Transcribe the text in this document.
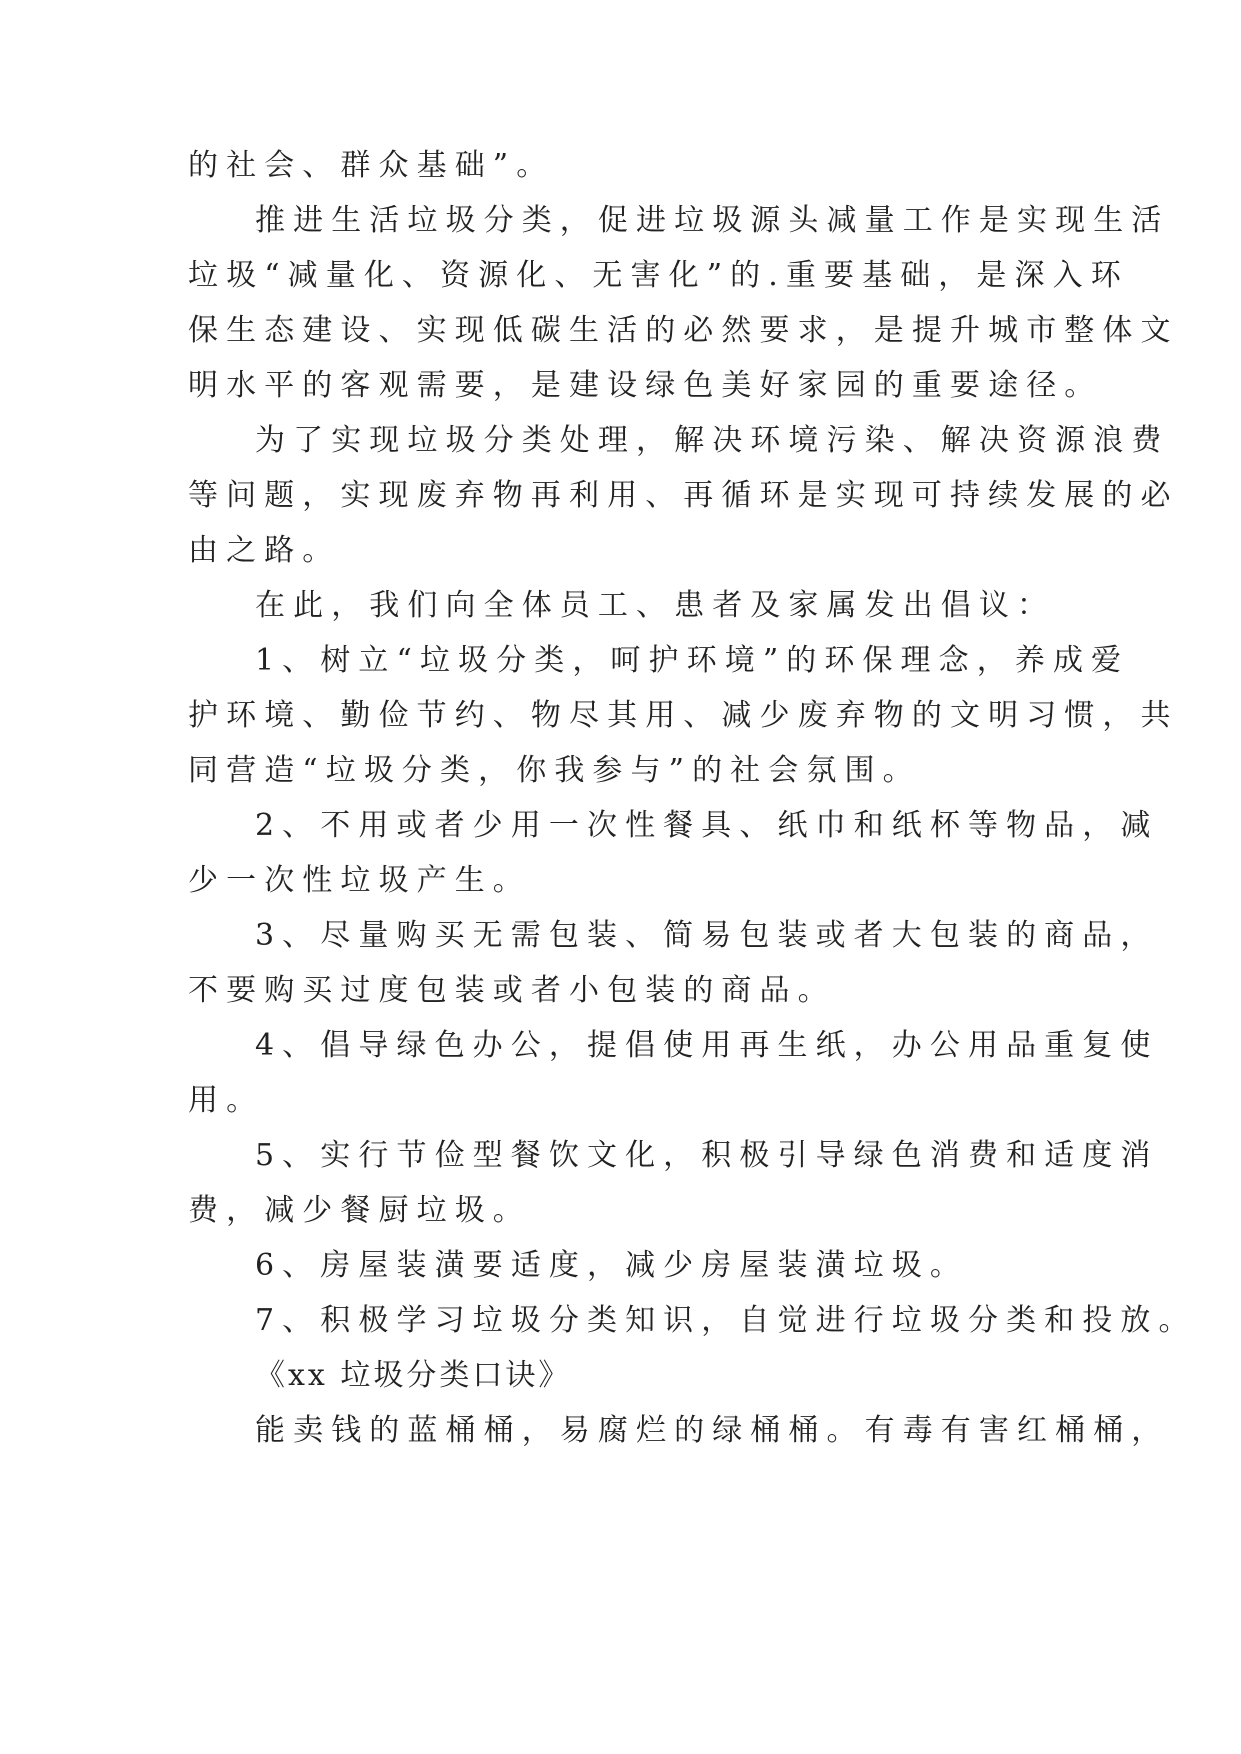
的社会、群众基础”。

推进生活垃圾分类，促进垃圾源头减量工作是实现生活

垃圾“减量化、资源化、无害化”的.重要基础，是深入环

保生态建设、实现低碳生活的必然要求，是提升城市整体文

明水平的客观需要，是建设绿色美好家园的重要途径。

为了实现垃圾分类处理，解决环境污染、解决资源浪费

等问题，实现废弃物再利用、再循环是实现可持续发展的必

由之路。

在此，我们向全体员工、患者及家属发出倡议：

1、树立“垃圾分类，呵护环境”的环保理念，养成爱

护环境、勤俭节约、物尽其用、减少废弃物的文明习惯，共

同营造“垃圾分类，你我参与”的社会氛围。

2、不用或者少用一次性餐具、纸巾和纸杯等物品，减

少一次性垃圾产生。

3、尽量购买无需包装、简易包装或者大包装的商品，

不要购买过度包装或者小包装的商品。

4、倡导绿色办公，提倡使用再生纸，办公用品重复使

用。

5、实行节俭型餐饮文化，积极引导绿色消费和适度消

费，减少餐厨垃圾。

6、房屋装潢要适度，减少房屋装潢垃圾。

7、积极学习垃圾分类知识，自觉进行垃圾分类和投放。

《xx 垃圾分类口诀》

能卖钱的蓝桶桶，易腐烂的绿桶桶。有毒有害红桶桶，
